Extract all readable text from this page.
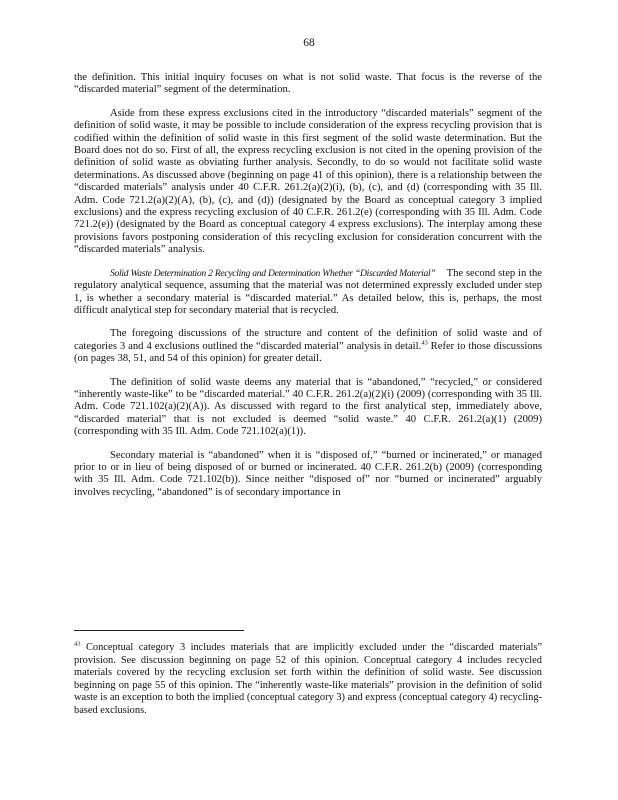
68

the definition. This initial inquiry focuses on what is not solid waste. That focus is the reverse of the “discarded material” segment of the determination.

Aside from these express exclusions cited in the introductory “discarded materials” segment of the definition of solid waste, it may be possible to include consideration of the express recycling provision that is codified within the definition of solid waste in this first segment of the solid waste determination. But the Board does not do so. First of all, the express recycling exclusion is not cited in the opening provision of the definition of solid waste as obviating further analysis. Secondly, to do so would not facilitate solid waste determinations. As discussed above (beginning on page 41 of this opinion), there is a relationship between the “discarded materials” analysis under 40 C.F.R. 261.2(a)(2)(i), (b), (c), and (d) (corresponding with 35 Ill. Adm. Code 721.2(a)(2)(A), (b), (c), and (d)) (designated by the Board as conceptual category 3 implied exclusions) and the express recycling exclusion of 40 C.F.R. 261.2(e) (corresponding with 35 Ill. Adm. Code 721.2(e)) (designated by the Board as conceptual category 4 express exclusions). The interplay among these provisions favors postponing consideration of this recycling exclusion for consideration concurrent with the “discarded materials” analysis.

Solid Waste Determination 2 Recycling and Determination Whether “Discarded Material” The second step in the regulatory analytical sequence, assuming that the material was not determined expressly excluded under step 1, is whether a secondary material is “discarded material.” As detailed below, this is, perhaps, the most difficult analytical step for secondary material that is recycled.

The foregoing discussions of the structure and content of the definition of solid waste and of categories 3 and 4 exclusions outlined the “discarded material” analysis in detail.$^{43}$ Refer to those discussions (on pages 38, 51, and 54 of this opinion) for greater detail.

The definition of solid waste deems any material that is “abandoned,” “recycled,” or considered “inherently waste-like” to be “discarded material.” 40 C.F.R. 261.2(a)(2)(i) (2009) (corresponding with 35 Ill. Adm. Code 721.102(a)(2)(A)). As discussed with regard to the first analytical step, immediately above, “discarded material” that is not excluded is deemed “solid waste.” 40 C.F.R. 261.2(a)(1) (2009) (corresponding with 35 Ill. Adm. Code 721.102(a)(1)).

Secondary material is “abandoned” when it is “disposed of,” “burned or incinerated,” or managed prior to or in lieu of being disposed of or burned or incinerated. 40 C.F.R. 261.2(b) (2009) (corresponding with 35 Ill. Adm. Code 721.102(b)). Since neither “disposed of” nor “burned or incinerated” arguably involves recycling, “abandoned” is of secondary importance in

$^{43}$ Conceptual category 3 includes materials that are implicitly excluded under the “discarded materials” provision. See discussion beginning on page 52 of this opinion. Conceptual category 4 includes recycled materials covered by the recycling exclusion set forth within the definition of solid waste. See discussion beginning on page 55 of this opinion. The “inherently waste-like materials” provision in the definition of solid waste is an exception to both the implied (conceptual category 3) and express (conceptual category 4) recycling-based exclusions.
